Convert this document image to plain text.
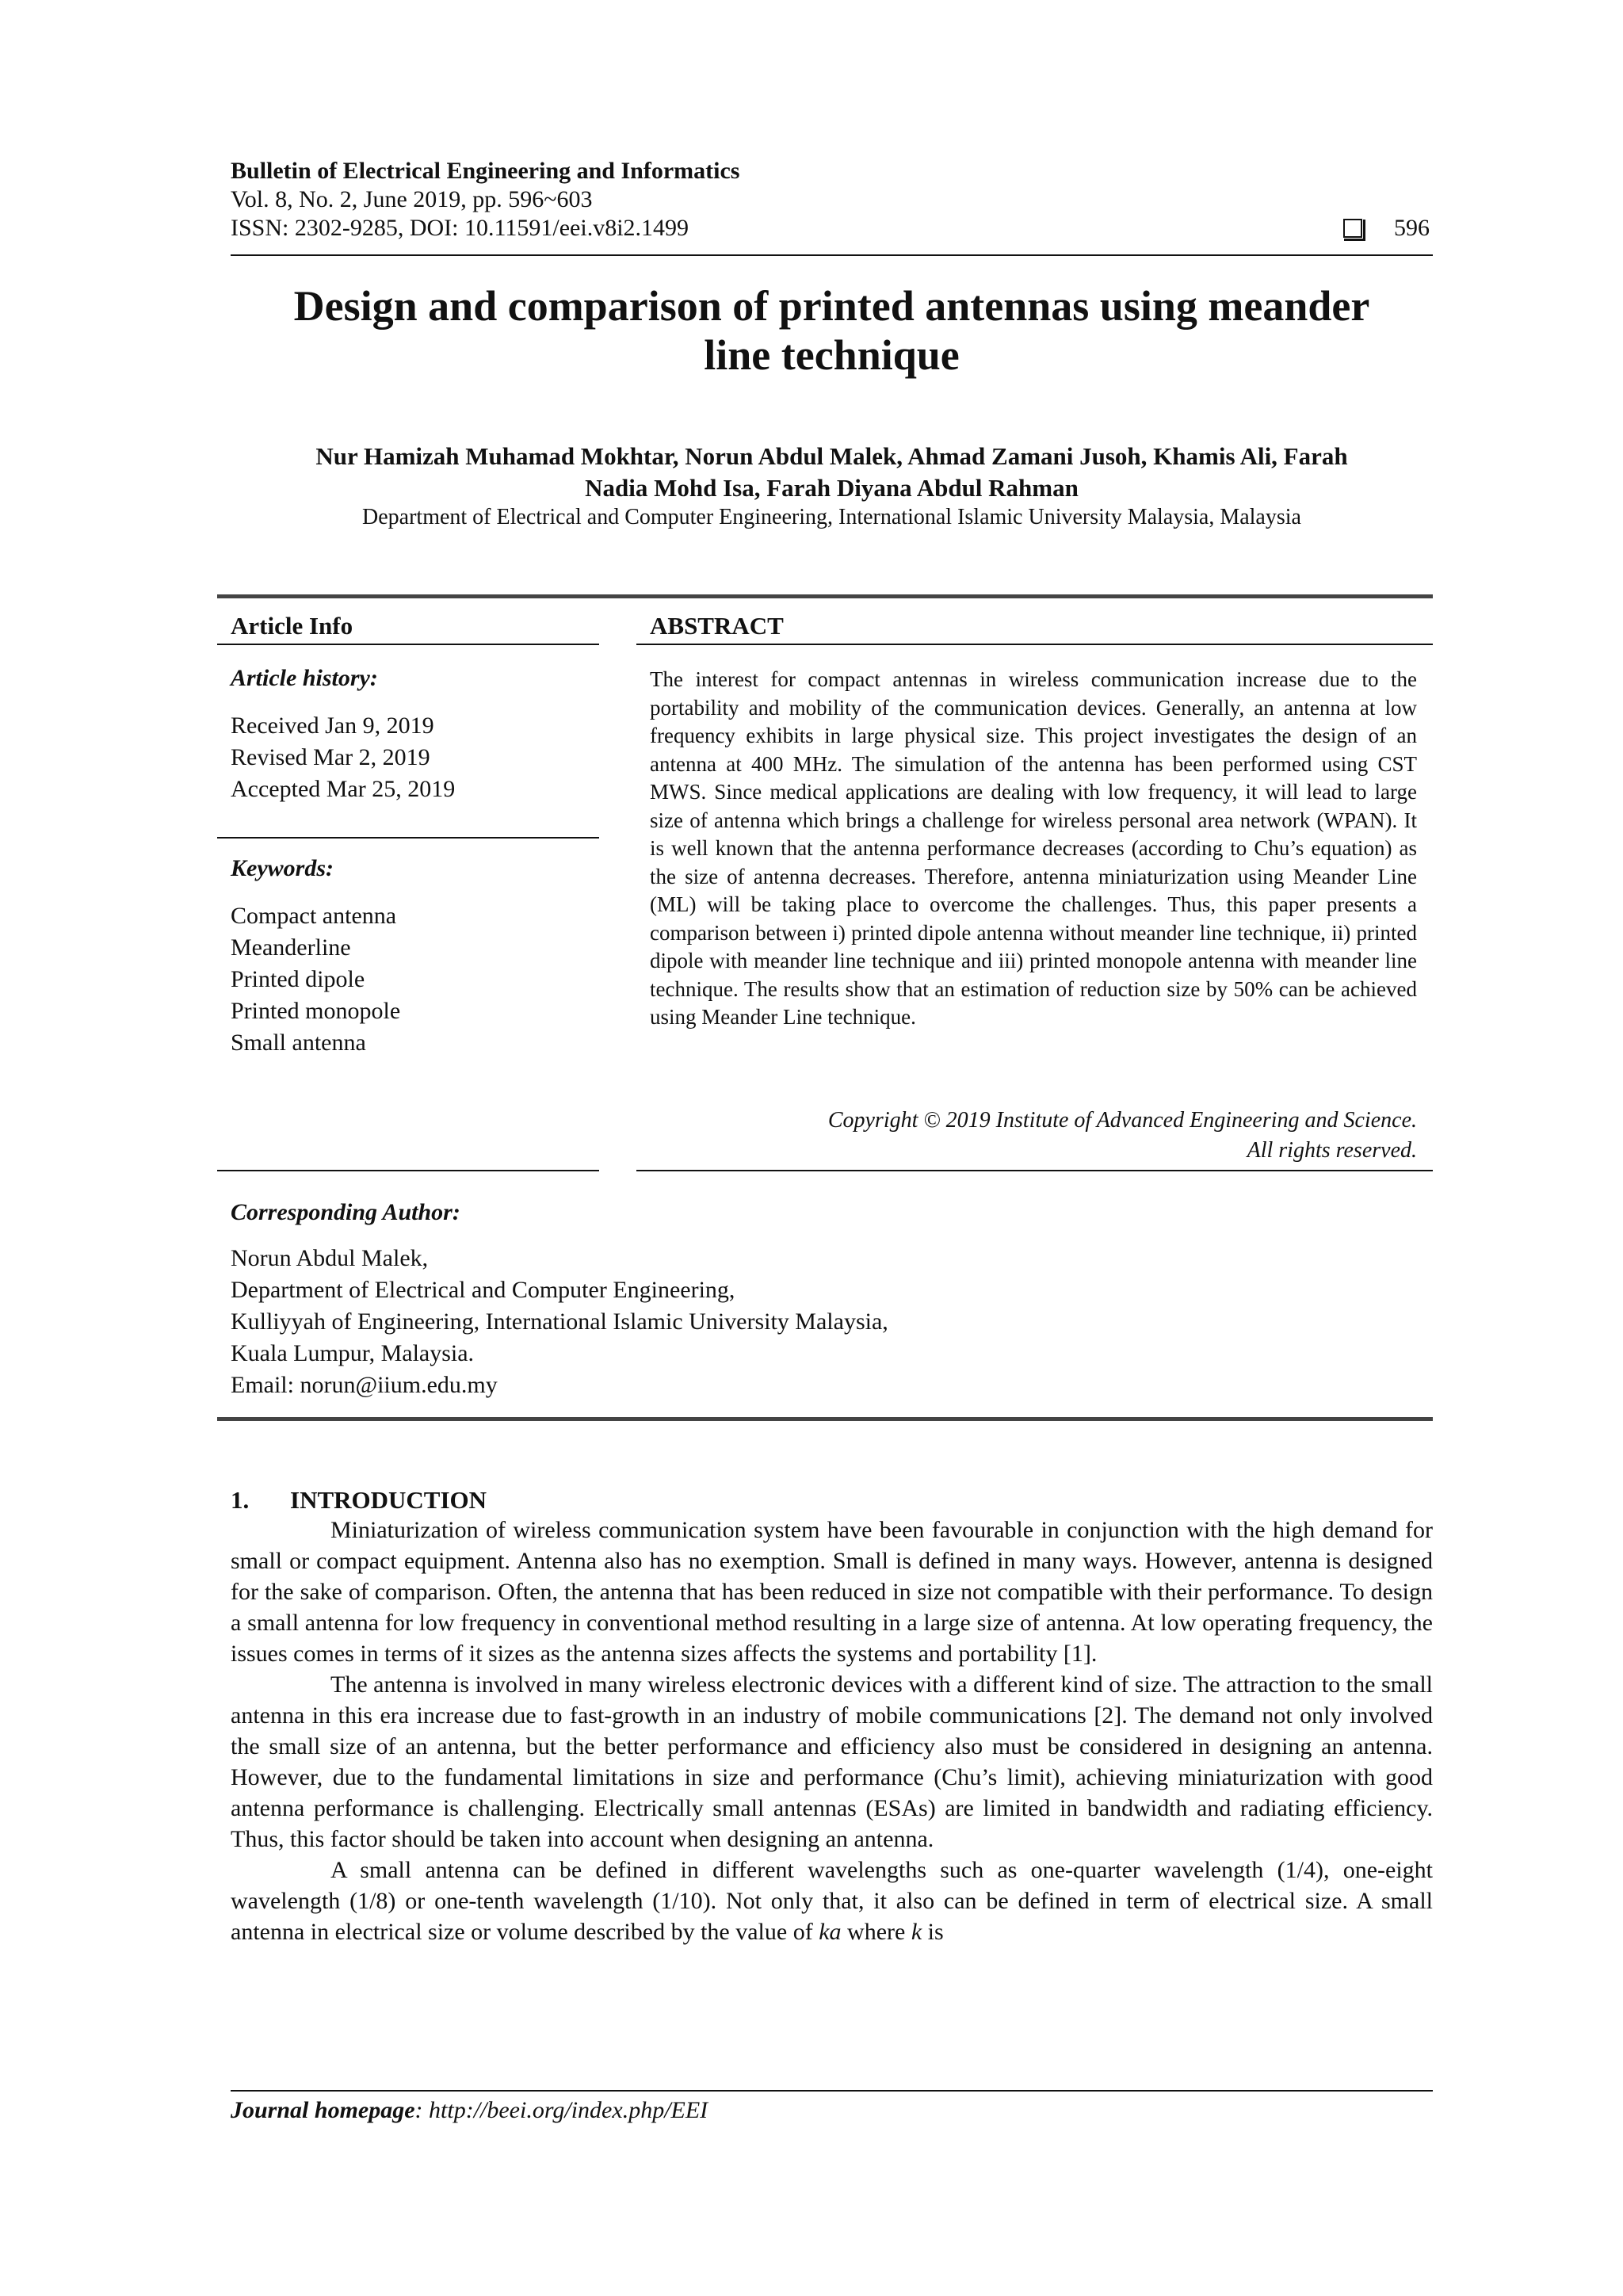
Bulletin of Electrical Engineering and Informatics
Vol. 8, No. 2, June 2019, pp. 596~603
ISSN: 2302-9285, DOI: 10.11591/eei.v8i2.1499	596
Design and comparison of printed antennas using meander
line technique
Nur Hamizah Muhamad Mokhtar, Norun Abdul Malek, Ahmad Zamani Jusoh, Khamis Ali, Farah
Nadia Mohd Isa, Farah Diyana Abdul Rahman
Department of Electrical and Computer Engineering, International Islamic University Malaysia, Malaysia
Article Info
Article history:
Received Jan 9, 2019
Revised Mar 2, 2019
Accepted Mar 25, 2019
Keywords:
Compact antenna
Meanderline
Printed dipole
Printed monopole
Small antenna
ABSTRACT
The interest for compact antennas in wireless communication increase due to the portability and mobility of the communication devices. Generally, an antenna at low frequency exhibits in large physical size. This project investigates the design of an antenna at 400 MHz. The simulation of the antenna has been performed using CST MWS. Since medical applications are dealing with low frequency, it will lead to large size of antenna which brings a challenge for wireless personal area network (WPAN). It is well known that the antenna performance decreases (according to Chu’s equation) as the size of antenna decreases. Therefore, antenna miniaturization using Meander Line (ML) will be taking place to overcome the challenges. Thus, this paper presents a comparison between i) printed dipole antenna without meander line technique, ii) printed dipole with meander line technique and iii) printed monopole antenna with meander line technique. The results show that an estimation of reduction size by 50% can be achieved using Meander Line technique.
Copyright © 2019 Institute of Advanced Engineering and Science.
All rights reserved.
Corresponding Author:
Norun Abdul Malek,
Department of Electrical and Computer Engineering,
Kulliyyah of Engineering, International Islamic University Malaysia,
Kuala Lumpur, Malaysia.
Email: norun@iium.edu.my
1. INTRODUCTION

Miniaturization of wireless communication system have been favourable in conjunction with the high demand for small or compact equipment. Antenna also has no exemption. Small is defined in many ways. However, antenna is designed for the sake of comparison. Often, the antenna that has been reduced in size not compatible with their performance. To design a small antenna for low frequency in conventional method resulting in a large size of antenna. At low operating frequency, the issues comes in terms of it sizes as the antenna sizes affects the systems and portability [1].

The antenna is involved in many wireless electronic devices with a different kind of size. The attraction to the small antenna in this era increase due to fast-growth in an industry of mobile communications [2]. The demand not only involved the small size of an antenna, but the better performance and efficiency also must be considered in designing an antenna. However, due to the fundamental limitations in size and performance (Chu’s limit), achieving miniaturization with good antenna performance is challenging. Electrically small antennas (ESAs) are limited in bandwidth and radiating efficiency. Thus, this factor should be taken into account when designing an antenna.

A small antenna can be defined in different wavelengths such as one-quarter wavelength (1/4), one-eight wavelength (1/8) or one-tenth wavelength (1/10). Not only that, it also can be defined in term of electrical size. A small antenna in electrical size or volume described by the value of ka where k is

Journal homepage: http://beei.org/index.php/EEI
